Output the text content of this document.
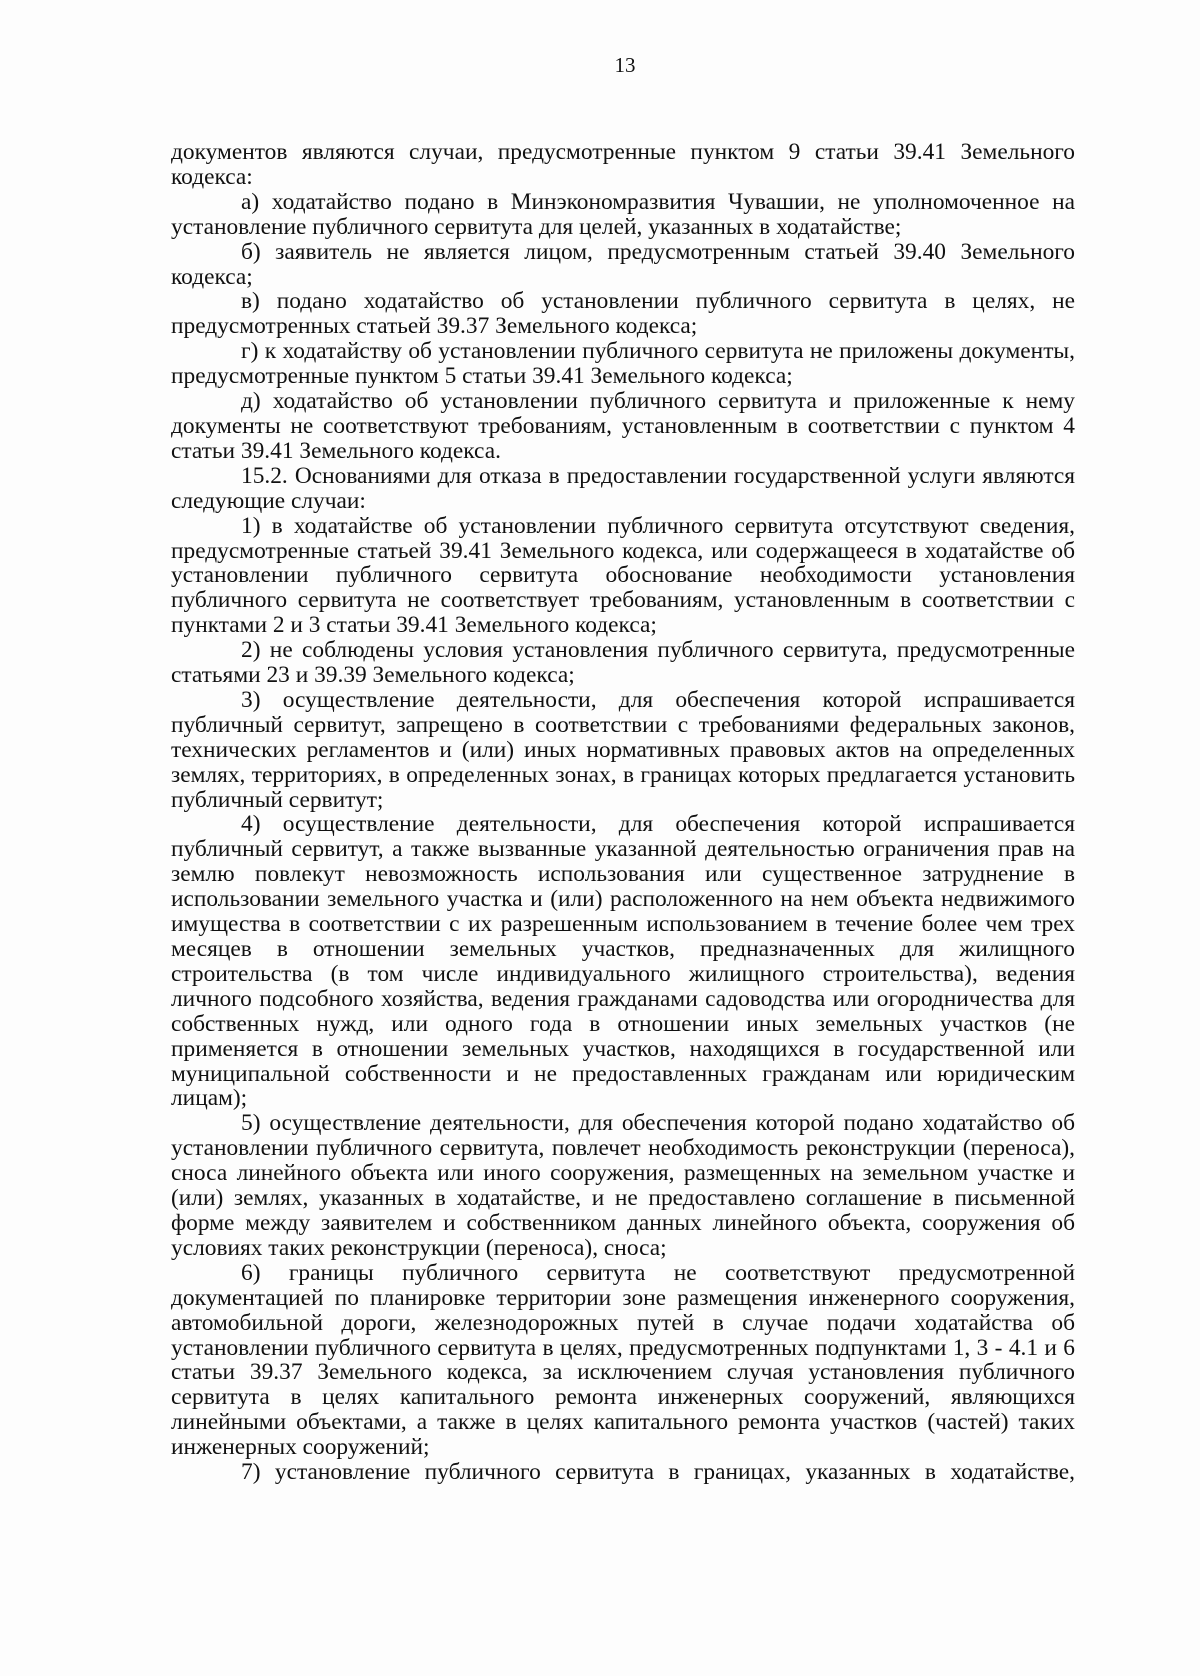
13

документов являются случаи, предусмотренные пунктом 9 статьи 39.41 Земельного кодекса:

а) ходатайство подано в Минэкономразвития Чувашии, не уполномоченное на установление публичного сервитута для целей, указанных в ходатайстве;

б) заявитель не является лицом, предусмотренным статьей 39.40 Земельного кодекса;

в) подано ходатайство об установлении публичного сервитута в целях, не предусмотренных статьей 39.37 Земельного кодекса;

г) к ходатайству об установлении публичного сервитута не приложены документы, предусмотренные пунктом 5 статьи 39.41 Земельного кодекса;

д) ходатайство об установлении публичного сервитута и приложенные к нему документы не соответствуют требованиям, установленным в соответствии с пунктом 4 статьи 39.41 Земельного кодекса.

15.2. Основаниями для отказа в предоставлении государственной услуги являются следующие случаи:

1) в ходатайстве об установлении публичного сервитута отсутствуют сведения, предусмотренные статьей 39.41 Земельного кодекса, или содержащееся в ходатайстве об установлении публичного сервитута обоснование необходимости установления публичного сервитута не соответствует требованиям, установленным в соответствии с пунктами 2 и 3 статьи 39.41 Земельного кодекса;

2) не соблюдены условия установления публичного сервитута, предусмотренные статьями 23 и 39.39 Земельного кодекса;

3) осуществление деятельности, для обеспечения которой испрашивается публичный сервитут, запрещено в соответствии с требованиями федеральных законов, технических регламентов и (или) иных нормативных правовых актов на определенных землях, территориях, в определенных зонах, в границах которых предлагается установить публичный сервитут;

4) осуществление деятельности, для обеспечения которой испрашивается публичный сервитут, а также вызванные указанной деятельностью ограничения прав на землю повлекут невозможность использования или существенное затруднение в использовании земельного участка и (или) расположенного на нем объекта недвижимого имущества в соответствии с их разрешенным использованием в течение более чем трех месяцев в отношении земельных участков, предназначенных для жилищного строительства (в том числе индивидуального жилищного строительства), ведения личного подсобного хозяйства, ведения гражданами садоводства или огородничества для собственных нужд, или одного года в отношении иных земельных участков (не применяется в отношении земельных участков, находящихся в государственной или муниципальной собственности и не предоставленных гражданам или юридическим лицам);

5) осуществление деятельности, для обеспечения которой подано ходатайство об установлении публичного сервитута, повлечет необходимость реконструкции (переноса), сноса линейного объекта или иного сооружения, размещенных на земельном участке и (или) землях, указанных в ходатайстве, и не предоставлено соглашение в письменной форме между заявителем и собственником данных линейного объекта, сооружения об условиях таких реконструкции (переноса), сноса;

6) границы публичного сервитута не соответствуют предусмотренной документацией по планировке территории зоне размещения инженерного сооружения, автомобильной дороги, железнодорожных путей в случае подачи ходатайства об установлении публичного сервитута в целях, предусмотренных подпунктами 1, 3 - 4.1 и 6 статьи 39.37 Земельного кодекса, за исключением случая установления публичного сервитута в целях капитального ремонта инженерных сооружений, являющихся линейными объектами, а также в целях капитального ремонта участков (частей) таких инженерных сооружений;

7) установление публичного сервитута в границах, указанных в ходатайстве,
